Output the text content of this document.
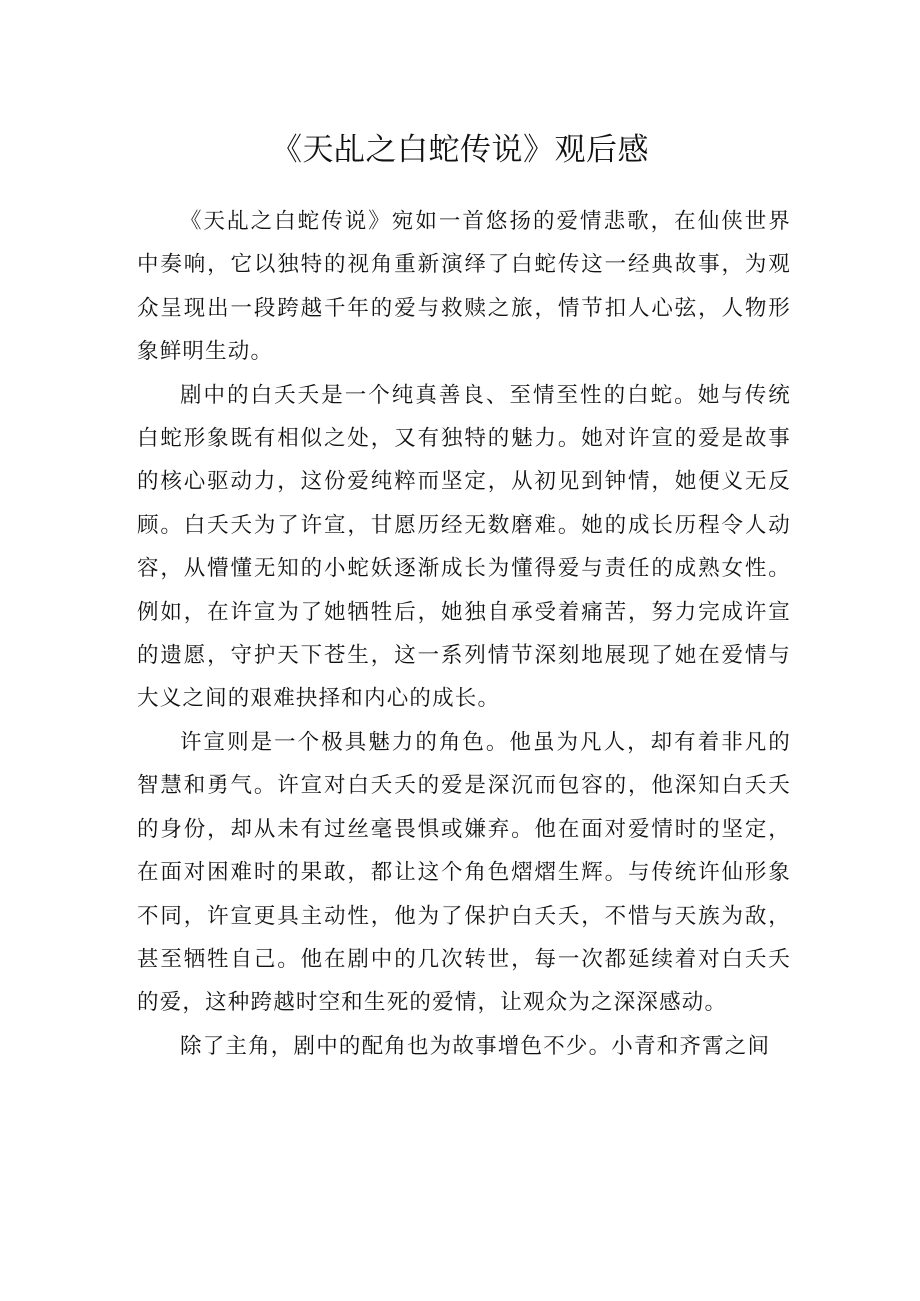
《天乩之白蛇传说》观后感

《天乩之白蛇传说》宛如一首悠扬的爱情悲歌，在仙侠世界中奏响，它以独特的视角重新演绎了白蛇传这一经典故事，为观众呈现出一段跨越千年的爱与救赎之旅，情节扣人心弦，人物形象鲜明生动。

剧中的白夭夭是一个纯真善良、至情至性的白蛇。她与传统白蛇形象既有相似之处，又有独特的魅力。她对许宣的爱是故事的核心驱动力，这份爱纯粹而坚定，从初见到钟情，她便义无反顾。白夭夭为了许宣，甘愿历经无数磨难。她的成长历程令人动容，从懵懂无知的小蛇妖逐渐成长为懂得爱与责任的成熟女性。例如，在许宣为了她牺牲后，她独自承受着痛苦，努力完成许宣的遗愿，守护天下苍生，这一系列情节深刻地展现了她在爱情与大义之间的艰难抉择和内心的成长。

许宣则是一个极具魅力的角色。他虽为凡人，却有着非凡的智慧和勇气。许宣对白夭夭的爱是深沉而包容的，他深知白夭夭的身份，却从未有过丝毫畏惧或嫌弃。他在面对爱情时的坚定，在面对困难时的果敢，都让这个角色熠熠生辉。与传统许仙形象不同，许宣更具主动性，他为了保护白夭夭，不惜与天族为敌，甚至牺牲自己。他在剧中的几次转世，每一次都延续着对白夭夭的爱，这种跨越时空和生死的爱情，让观众为之深深感动。

除了主角，剧中的配角也为故事增色不少。小青和齐霄之间
